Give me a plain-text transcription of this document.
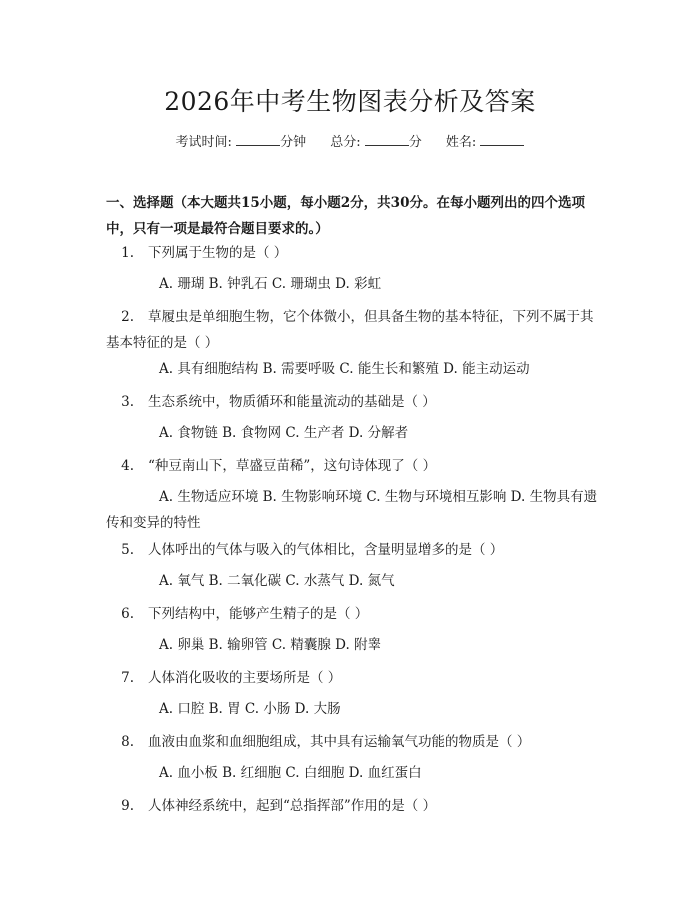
2026年中考生物图表分析及答案
考试时间:	分钟 总分:	分 姓名:
一、选择题（本大题共15小题，每小题2分，共30分。在每小题列出的四个选项中，只有一项是最符合题目要求的。）
1. 下列属于生物的是（ ）
A. 珊瑚 B. 钟乳石 C. 珊瑚虫 D. 彩虹
2. 草履虫是单细胞生物，它个体微小，但具备生物的基本特征，下列不属于其基本特征的是（ ）
A. 具有细胞结构 B. 需要呼吸 C. 能生长和繁殖 D. 能主动运动
3. 生态系统中，物质循环和能量流动的基础是（ ）
A. 食物链 B. 食物网 C. 生产者 D. 分解者
4. “种豆南山下，草盛豆苗稀”，这句诗体现了（ ）
A. 生物适应环境 B. 生物影响环境 C. 生物与环境相互影响 D. 生物具有遗传和变异的特性
5. 人体呼出的气体与吸入的气体相比，含量明显增多的是（ ）
A. 氧气 B. 二氧化碳 C. 水蒸气 D. 氮气
6. 下列结构中，能够产生精子的是（ ）
A. 卵巢 B. 输卵管 C. 精囊腺 D. 附睾
7. 人体消化吸收的主要场所是（ ）
A. 口腔 B. 胃 C. 小肠 D. 大肠
8. 血液由血浆和血细胞组成，其中具有运输氧气功能的物质是（ ）
A. 血小板 B. 红细胞 C. 白细胞 D. 血红蛋白
9. 人体神经系统中，起到“总指挥部”作用的是（ ）
